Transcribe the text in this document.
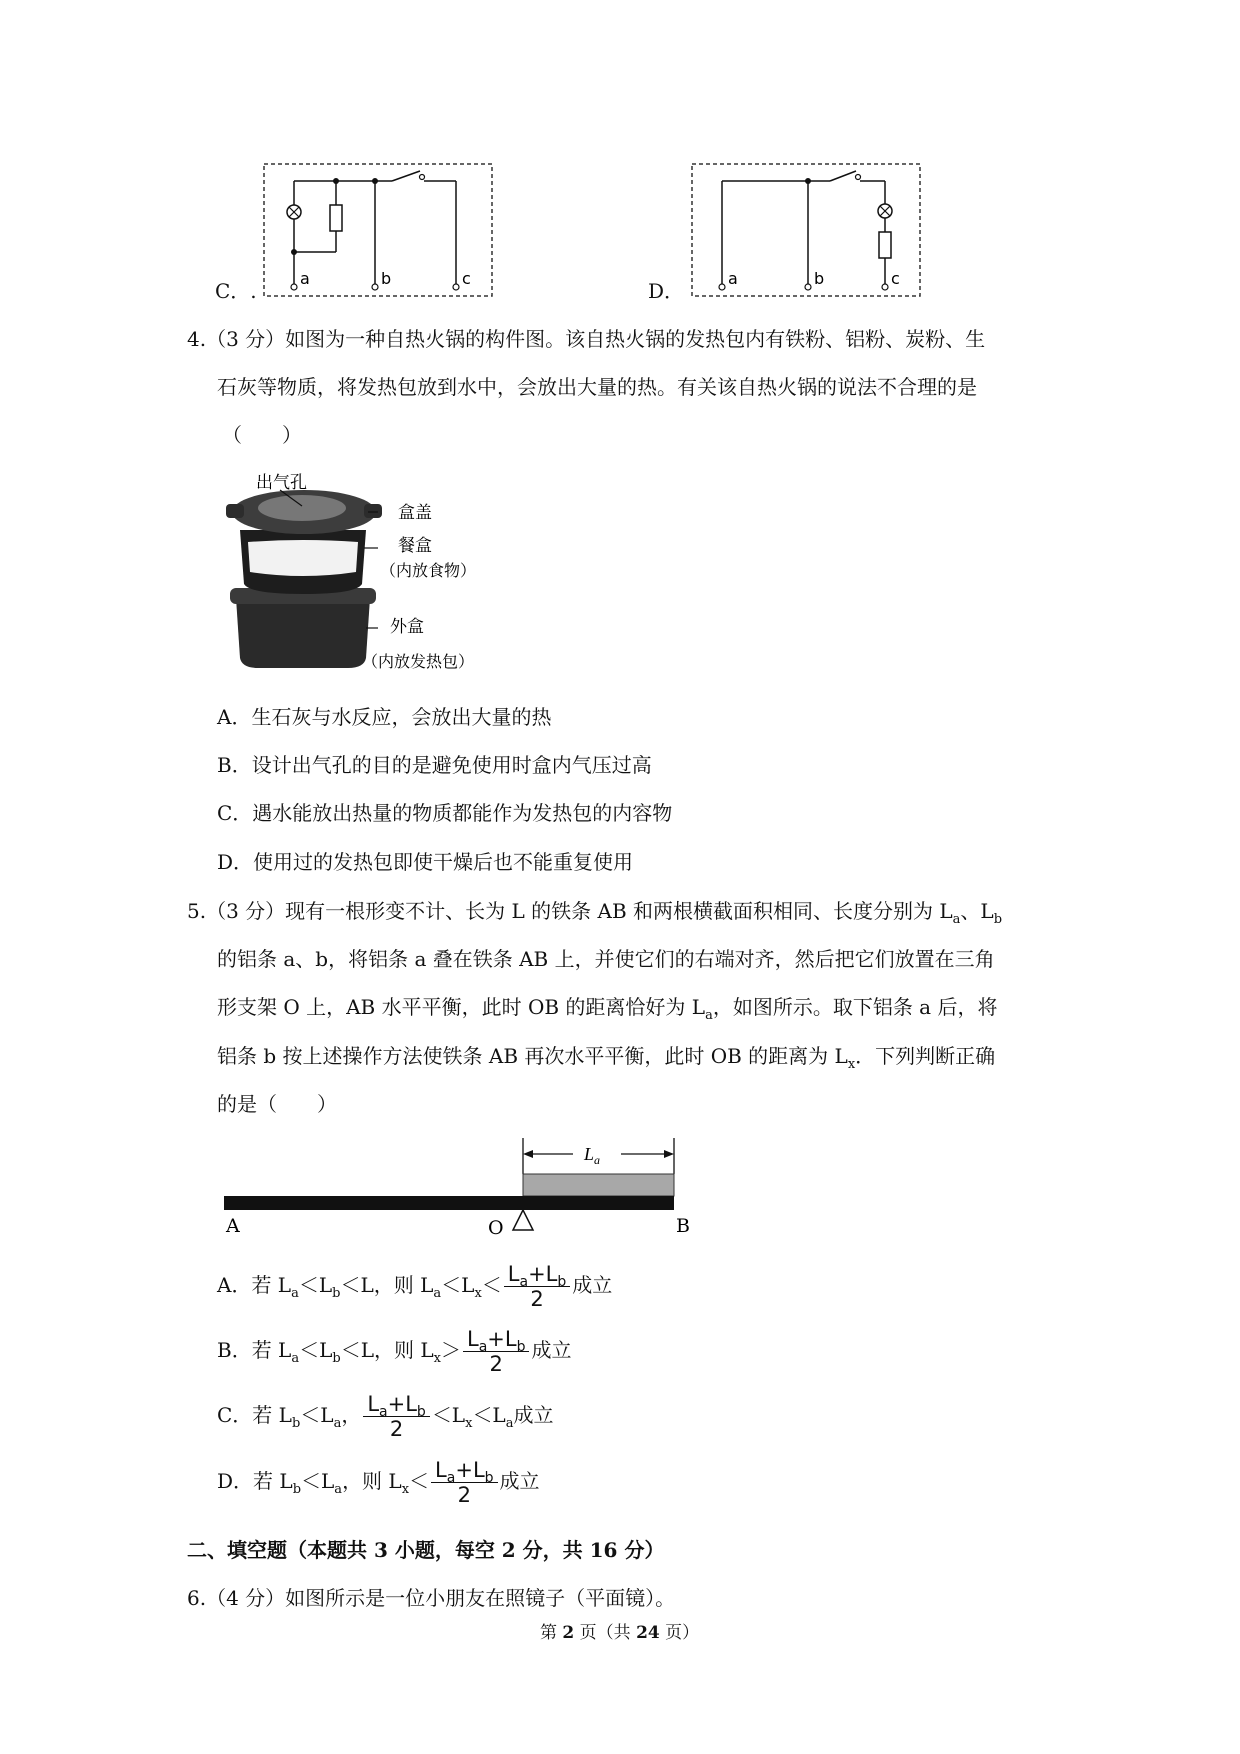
C．.
a	b	c
D．
a	b	c
4.（3 分）如图为一种自热火锅的构件图。该自热火锅的发热包内有铁粉、铝粉、炭粉、生
石灰等物质，将发热包放到水中，会放出大量的热。有关该自热火锅的说法不合理的是
（　　）
出气孔
盒盖
餐盒
（内放食物）
外盒
（内放发热包）
A．生石灰与水反应，会放出大量的热
B．设计出气孔的目的是避免使用时盒内气压过高
C．遇水能放出热量的物质都能作为发热包的内容物
D．使用过的发热包即使干燥后也不能重复使用
5.（3 分）现有一根形变不计、长为 L 的铁条 AB 和两根横截面积相同、长度分别为 $L_a$、$L_b$
的铝条 a、b，将铝条 a 叠在铁条 AB 上，并使它们的右端对齐，然后把它们放置在三角
形支架 O 上，AB 水平平衡，此时 OB 的距离恰好为 $L_a$，如图所示。取下铝条 a 后，将
铝条 b 按上述操作方法使铁条 AB 再次水平平衡，此时 OB 的距离为 $L_x$．下列判断正确
的是（　　）
$L_a$
A	O	B
A．若 $L_a<L_b<L$，则 $L_a<L_x< \frac{L_a+L_b}{2}$ 成立
B．若 $L_a<L_b<L$，则 $L_x> \frac{L_a+L_b}{2}$ 成立
C．若 $L_b<L_a$， $\frac{L_a+L_b}{2} <L_x<L_a$成立
D．若 $L_b<L_a$，则 $L_x< \frac{L_a+L_b}{2}$ 成立
二、填空题（本题共 3 小题，每空 2 分，共 16 分）
6.（4 分）如图所示是一位小朋友在照镜子（平面镜）。
第 2 页（共 24 页）
